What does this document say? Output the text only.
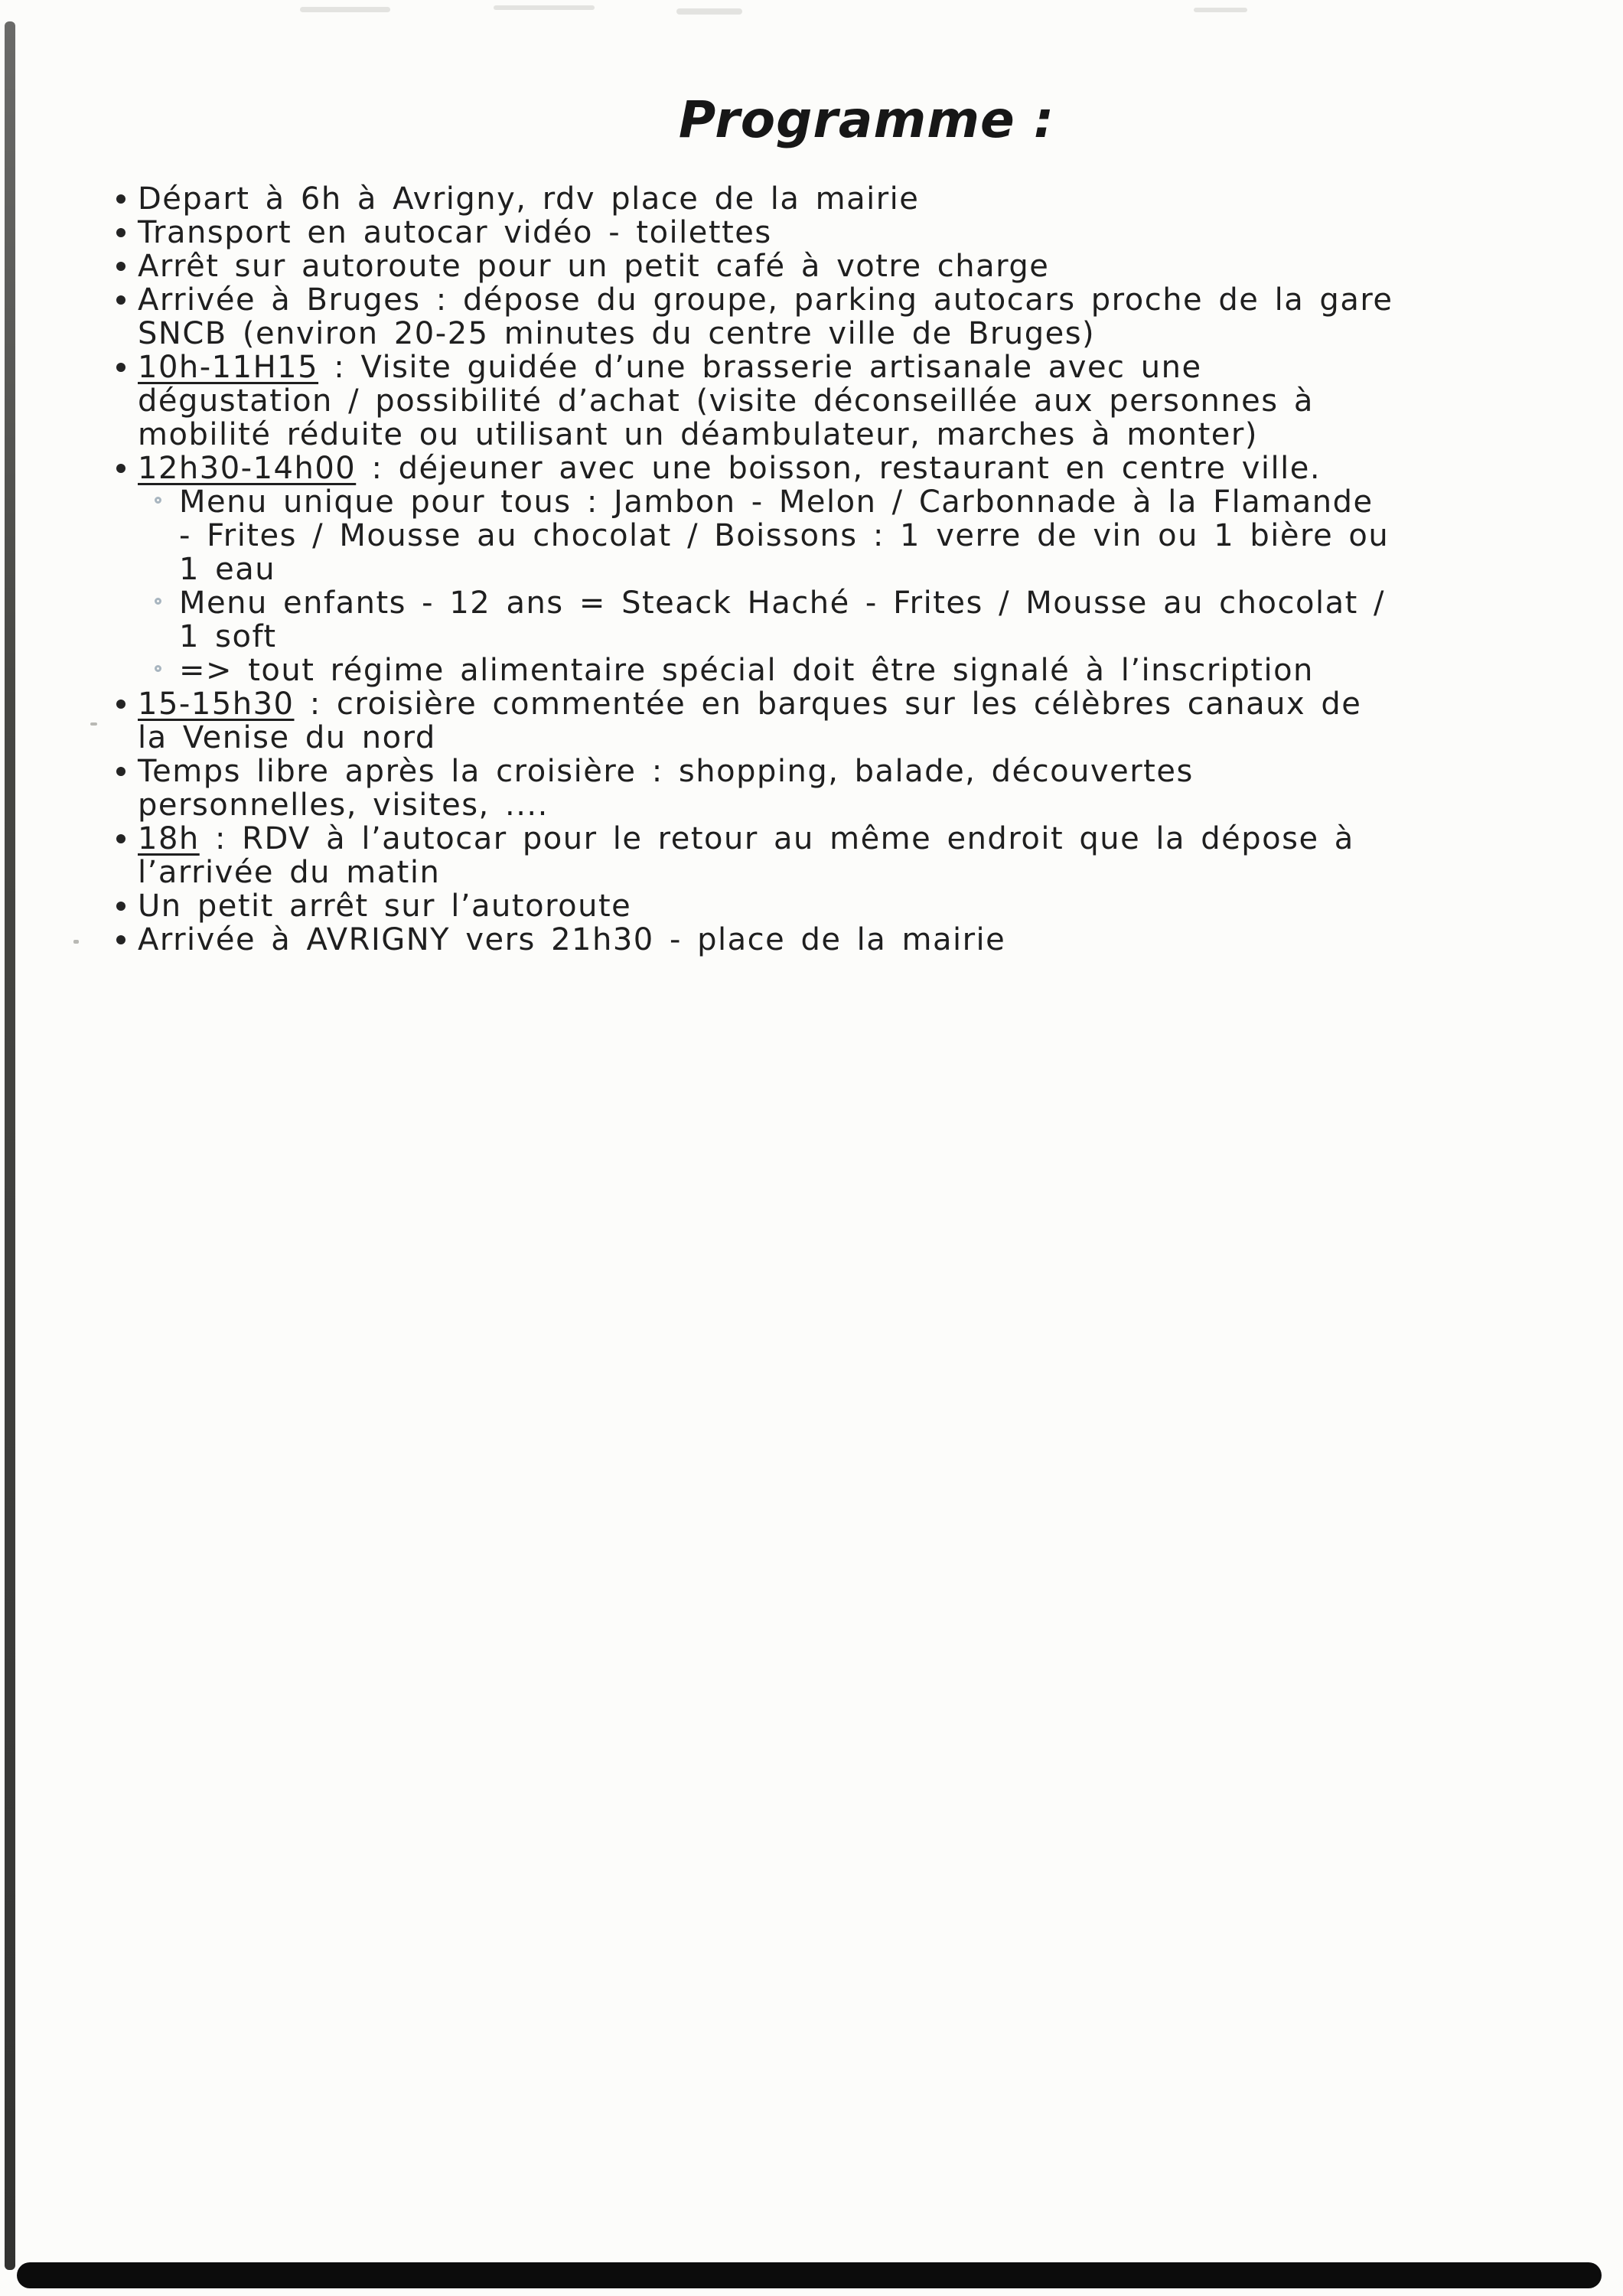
Programme :
Départ à 6h à Avrigny, rdv place de la mairie
Transport en autocar vidéo - toilettes
Arrêt sur autoroute pour un petit café à votre charge
Arrivée à Bruges : dépose du groupe, parking autocars proche de la gare SNCB (environ 20-25 minutes du centre ville de Bruges)
10h-11H15 : Visite guidée d’une brasserie artisanale avec une dégustation / possibilité d’achat (visite déconseillée aux personnes à mobilité réduite ou utilisant un déambulateur, marches à monter)
12h30-14h00 : déjeuner avec une boisson, restaurant en centre ville.
Menu unique pour tous : Jambon - Melon / Carbonnade à la Flamande - Frites / Mousse au chocolat / Boissons : 1 verre de vin ou 1 bière ou 1 eau
Menu enfants - 12 ans = Steack Haché - Frites / Mousse au chocolat / 1 soft
=> tout régime alimentaire spécial doit être signalé à l’inscription
15-15h30 : croisière commentée en barques sur les célèbres canaux de la Venise du nord
Temps libre après la croisière : shopping, balade, découvertes personnelles, visites, ....
18h : RDV à l’autocar pour le retour au même endroit que la dépose à l’arrivée du matin
Un petit arrêt sur l’autoroute
Arrivée à AVRIGNY vers 21h30 - place de la mairie
